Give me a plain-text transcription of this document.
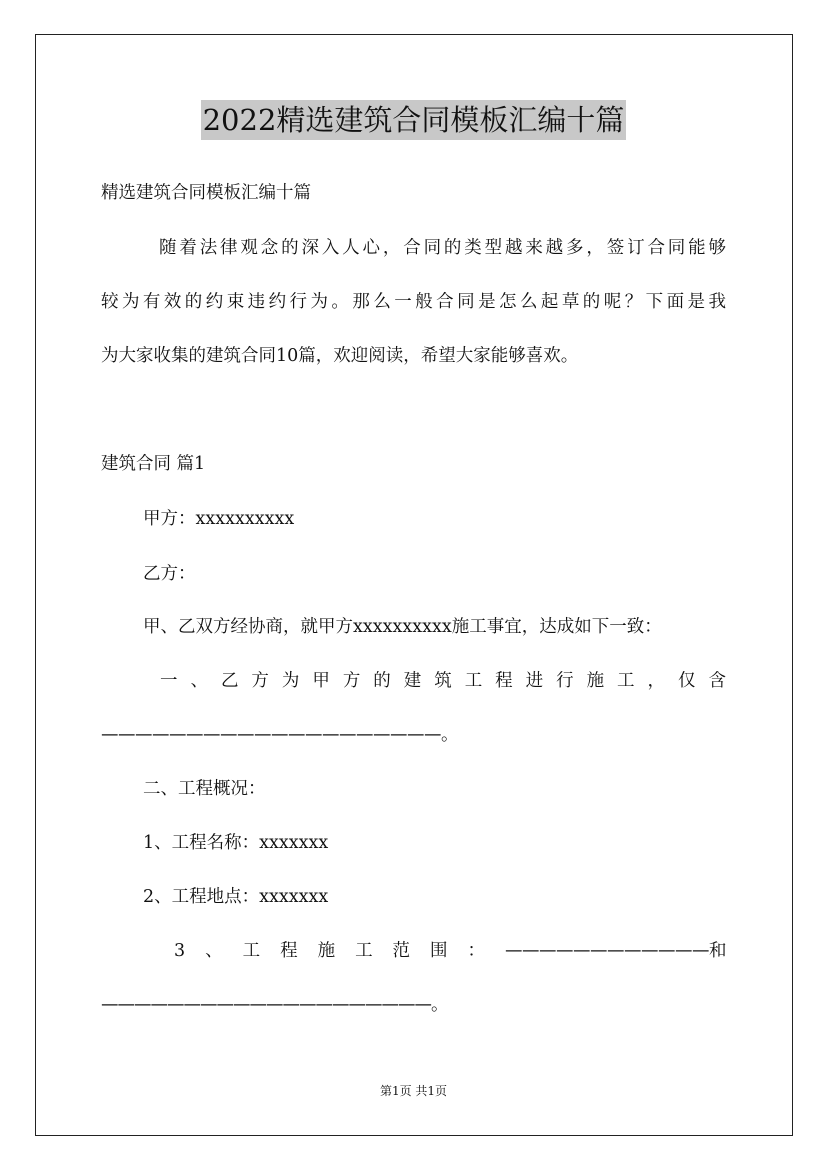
2022精选建筑合同模板汇编十篇
精选建筑合同模板汇编十篇
随着法律观念的深入人心，合同的类型越来越多，签订合同能够
较为有效的约束违约行为。那么一般合同是怎么起草的呢？下面是我
为大家收集的建筑合同10篇，欢迎阅读，希望大家能够喜欢。
建筑合同 篇1
甲方：xxxxxxxxxx
乙方：
甲、乙双方经协商，就甲方xxxxxxxxxx施工事宜，达成如下一致：
一 、 乙 方 为 甲 方 的 建 筑 工 程 进 行 施 工 ， 仅 含
————————————————————。
二、工程概况：
1、工程名称：xxxxxxx
2、工程地点：xxxxxxx
3 、 工 程 施 工 范 围 ： ————————————和
————————————————————。
第1页 共1页
